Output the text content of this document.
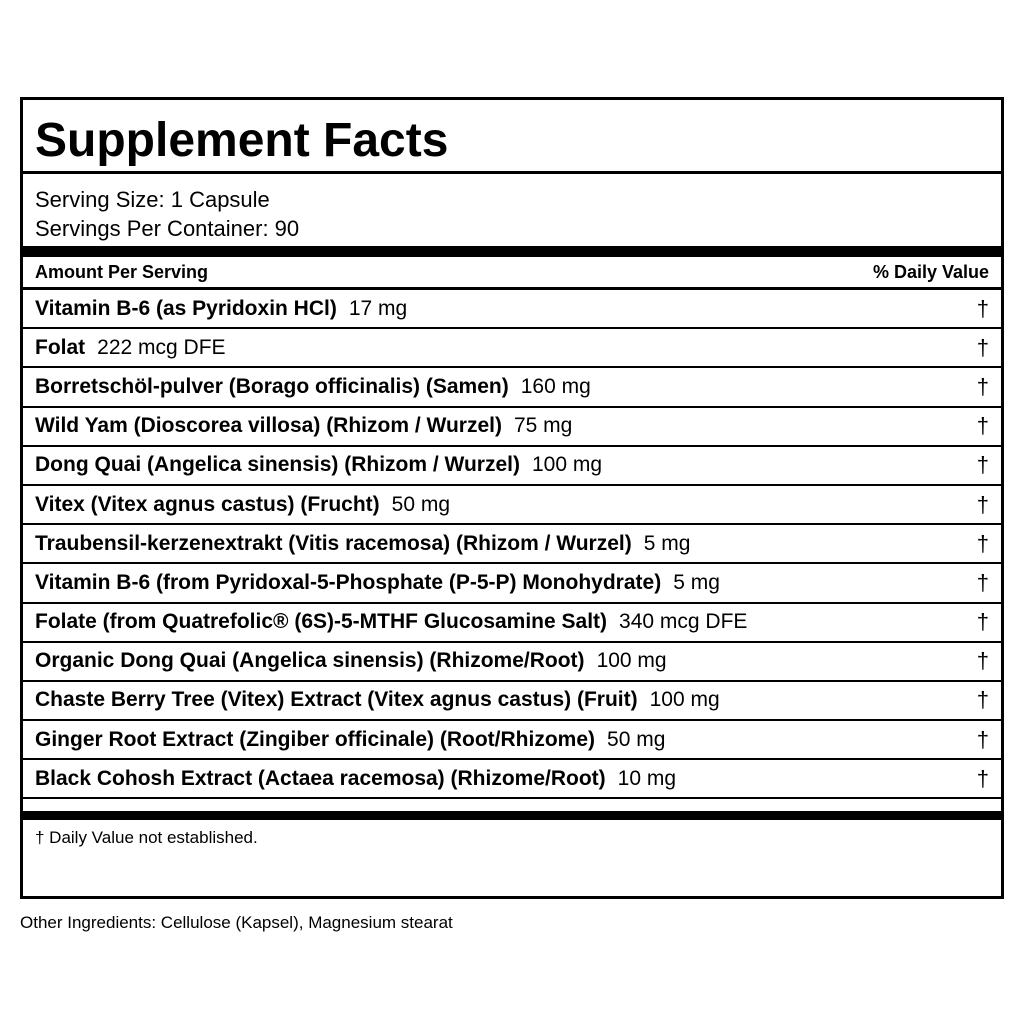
Supplement Facts
Serving Size: 1 Capsule
Servings Per Container: 90
Amount Per Serving	% Daily Value
Vitamin B-6 (as Pyridoxin HCl) 17 mg	†
Folat 222 mcg DFE	†
Borretschöl-pulver (Borago officinalis) (Samen) 160 mg	†
Wild Yam (Dioscorea villosa) (Rhizom / Wurzel) 75 mg	†
Dong Quai (Angelica sinensis) (Rhizom / Wurzel) 100 mg	†
Vitex (Vitex agnus castus) (Frucht) 50 mg	†
Traubensil-kerzenextrakt (Vitis racemosa) (Rhizom / Wurzel) 5 mg	†
Vitamin B-6 (from Pyridoxal-5-Phosphate (P-5-P) Monohydrate) 5 mg	†
Folate (from Quatrefolic® (6S)-5-MTHF Glucosamine Salt) 340 mcg DFE	†
Organic Dong Quai (Angelica sinensis) (Rhizome/Root) 100 mg	†
Chaste Berry Tree (Vitex) Extract (Vitex agnus castus) (Fruit) 100 mg	†
Ginger Root Extract (Zingiber officinale) (Root/Rhizome) 50 mg	†
Black Cohosh Extract (Actaea racemosa) (Rhizome/Root) 10 mg	†
† Daily Value not established.
Other Ingredients: Cellulose (Kapsel), Magnesium stearat
